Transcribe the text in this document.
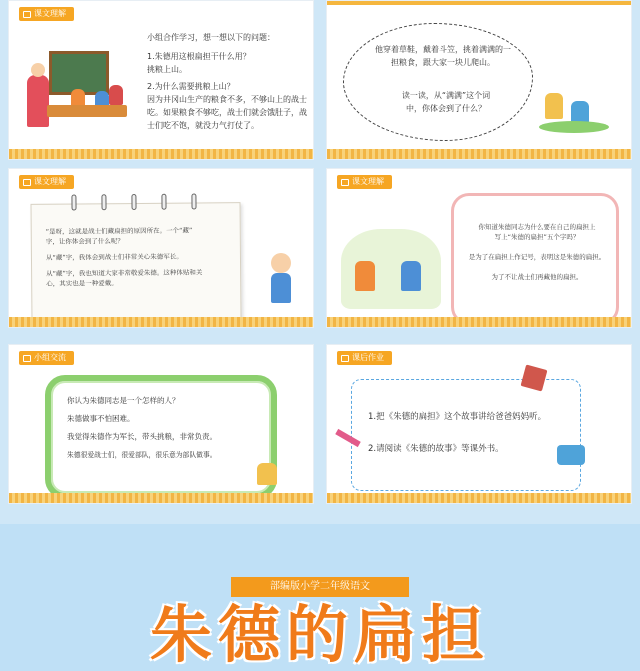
课文理解
小组合作学习，想一想以下的问题：
1.朱德用这根扁担干什么用？
挑粮上山。
2.为什么需要挑粮上山？
因为井冈山生产的粮食不多，不够山上的战士
吃。如果粮食不够吃，战士们就会饿肚子，战
士们吃不饱，就没力气打仗了。
他穿着草鞋，戴着斗笠，挑着满满的一
担粮食，跟大家一块儿爬山。
读一读，从“满满”这个词
中，你体会到了什么？
课文理解
“是呀，这就是战士们藏扁担的原因所在。一个“藏”
字，让你体会到了什么呢？
从“藏”字，我体会到战士们非常关心朱德军长。
从“藏”字，我也知道大家非常敬爱朱德。这种体贴和关
心，其实也是一种爱戴。
课文理解
你知道朱德同志为什么要在自己的扁担上
写上“朱德的扁担”五个字吗？
是为了在扁担上作记号，表明这是朱德的扁担。
为了不让战士们再藏他的扁担。
小组交流
你认为朱德同志是一个怎样的人？
朱德做事不怕困难。
我觉得朱德作为军长，带头挑粮，非常负责。
朱德很爱战士们，很爱部队，很乐意为部队做事。
课后作业
1.把《朱德的扁担》这个故事讲给爸爸妈妈听。
2.请阅读《朱德的故事》等课外书。
部编版小学二年级语文
朱德的扁担
